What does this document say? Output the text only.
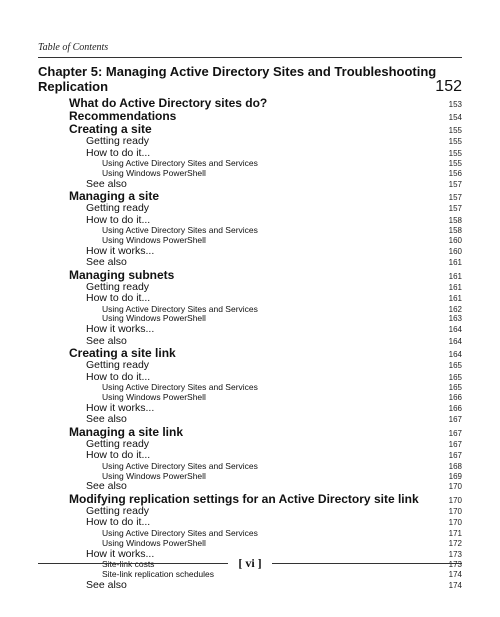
Table of Contents
Chapter 5: Managing Active Directory Sites and Troubleshooting
Replication	152
What do Active Directory sites do?	153
Recommendations	154
Creating a site	155
Getting ready	155
How to do it...	155
Using Active Directory Sites and Services	155
Using Windows PowerShell	156
See also	157
Managing a site	157
Getting ready	157
How to do it...	158
Using Active Directory Sites and Services	158
Using Windows PowerShell	160
How it works...	160
See also	161
Managing subnets	161
Getting ready	161
How to do it...	161
Using Active Directory Sites and Services	162
Using Windows PowerShell	163
How it works...	164
See also	164
Creating a site link	164
Getting ready	165
How to do it...	165
Using Active Directory Sites and Services	165
Using Windows PowerShell	166
How it works...	166
See also	167
Managing a site link	167
Getting ready	167
How to do it...	167
Using Active Directory Sites and Services	168
Using Windows PowerShell	169
See also	170
Modifying replication settings for an Active Directory site link	170
Getting ready	170
How to do it...	170
Using Active Directory Sites and Services	171
Using Windows PowerShell	172
How it works...	173
Site-link costs	173
Site-link replication schedules	174
See also	174
[ vi ]
